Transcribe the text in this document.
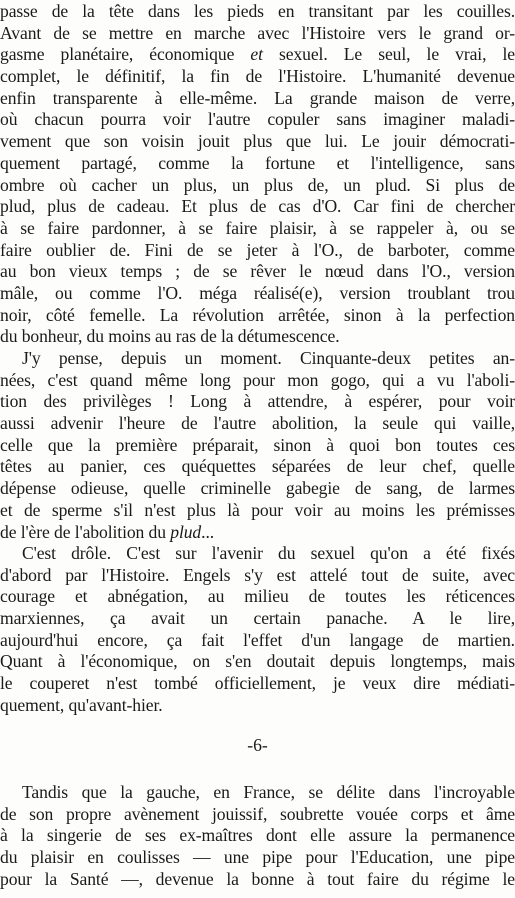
passe de la tête dans les pieds en transitant par les couilles.
Avant de se mettre en marche avec l'Histoire vers le grand or-
gasme planétaire, économique et sexuel. Le seul, le vrai, le
complet, le définitif, la fin de l'Histoire. L'humanité devenue
enfin transparente à elle-même. La grande maison de verre,
où chacun pourra voir l'autre copuler sans imaginer maladi-
vement que son voisin jouit plus que lui. Le jouir démocrati-
quement partagé, comme la fortune et l'intelligence, sans
ombre où cacher un plus, un plus de, un plud. Si plus de
plud, plus de cadeau. Et plus de cas d'O. Car fini de chercher
à se faire pardonner, à se faire plaisir, à se rappeler à, ou se
faire oublier de. Fini de se jeter à l'O., de barboter, comme
au bon vieux temps ; de se rêver le nœud dans l'O., version
mâle, ou comme l'O. méga réalisé(e), version troublant trou
noir, côté femelle. La révolution arrêtée, sinon à la perfection
du bonheur, du moins au ras de la détumescence.
J'y pense, depuis un moment. Cinquante-deux petites an-
nées, c'est quand même long pour mon gogo, qui a vu l'aboli-
tion des privilèges ! Long à attendre, à espérer, pour voir
aussi advenir l'heure de l'autre abolition, la seule qui vaille,
celle que la première préparait, sinon à quoi bon toutes ces
têtes au panier, ces quéquettes séparées de leur chef, quelle
dépense odieuse, quelle criminelle gabegie de sang, de larmes
et de sperme s'il n'est plus là pour voir au moins les prémisses
de l'ère de l'abolition du plud...
C'est drôle. C'est sur l'avenir du sexuel qu'on a été fixés
d'abord par l'Histoire. Engels s'y est attelé tout de suite, avec
courage et abnégation, au milieu de toutes les réticences
marxiennes, ça avait un certain panache. A le lire,
aujourd'hui encore, ça fait l'effet d'un langage de martien.
Quant à l'économique, on s'en doutait depuis longtemps, mais
le couperet n'est tombé officiellement, je veux dire médiati-
quement, qu'avant-hier.
-6-
Tandis que la gauche, en France, se délite dans l'incroyable
de son propre avènement jouissif, soubrette vouée corps et âme
à la singerie de ses ex-maîtres dont elle assure la permanence
du plaisir en coulisses — une pipe pour l'Education, une pipe
pour la Santé —, devenue la bonne à tout faire du régime le
